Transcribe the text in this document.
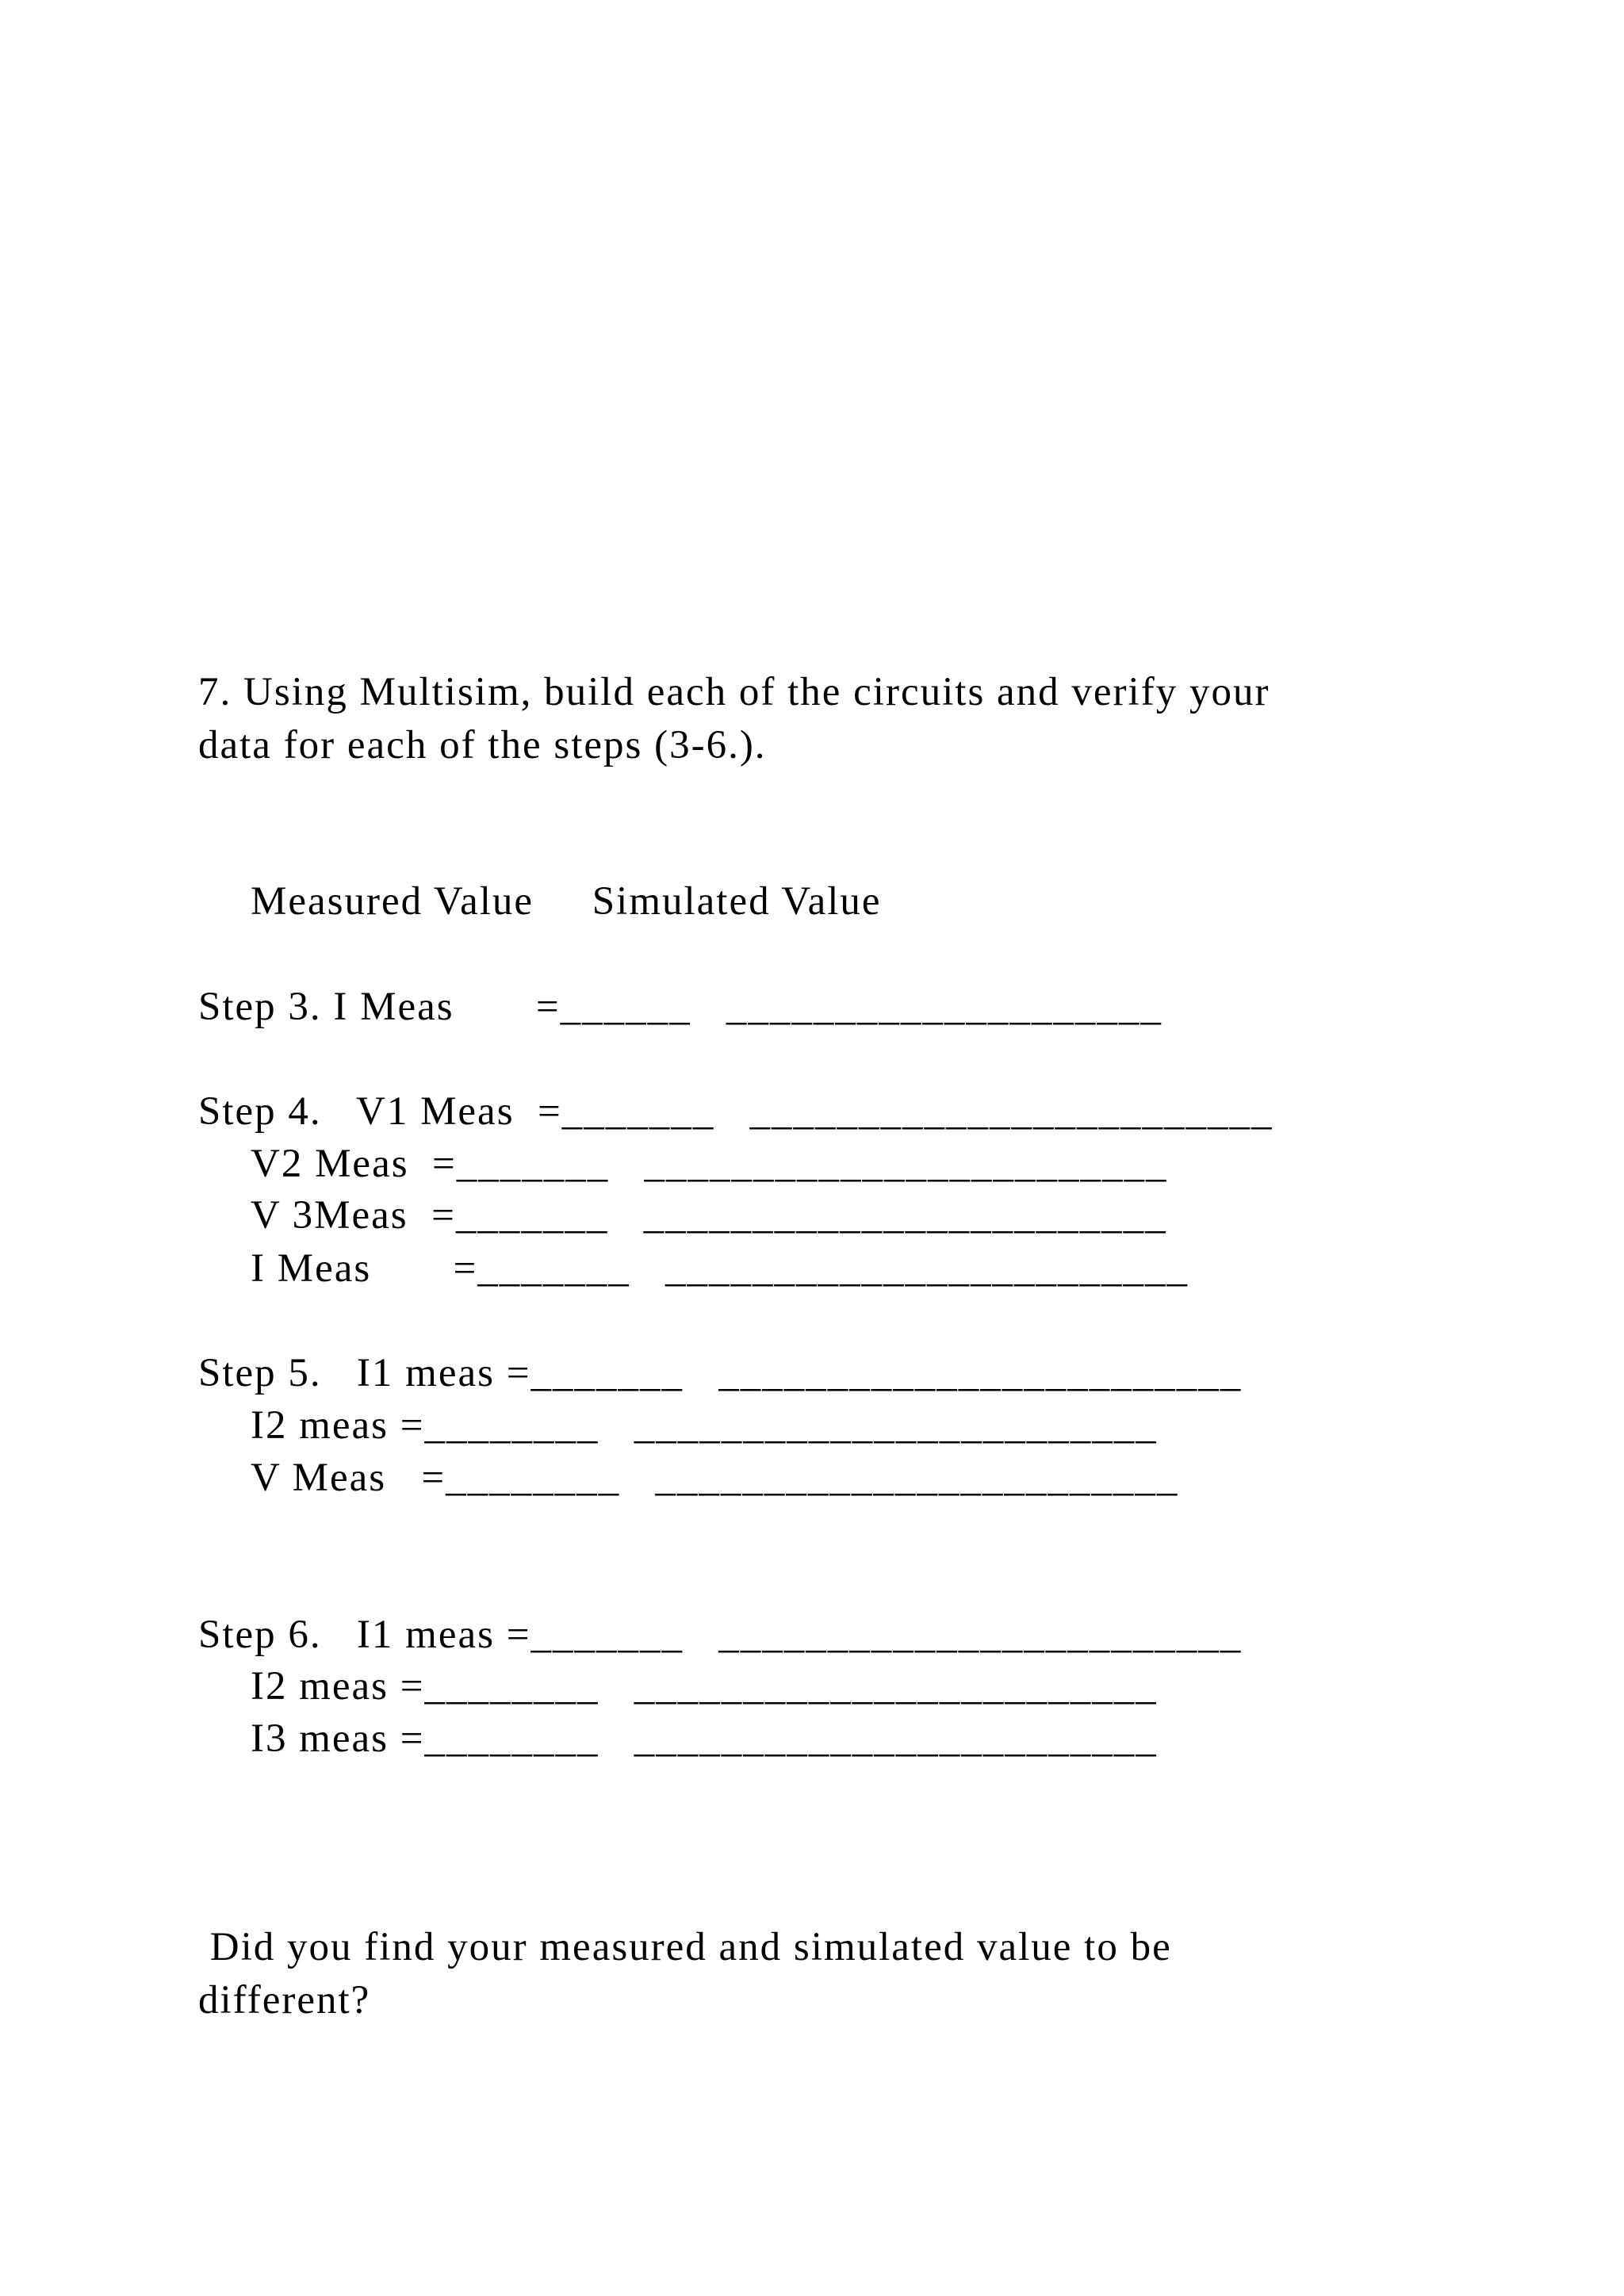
7. Using Multisim, build each of the circuits and verify your
data for each of the steps (3-6.).
Measured Value     Simulated Value
Step 3. I Meas       =______   ____________________
Step 4.   V1 Meas  =_______   ________________________
V2 Meas  =_______   ________________________
V 3Meas  =_______   ________________________
I Meas       =_______   ________________________
Step 5.   I1 meas =_______   ________________________
I2 meas =________   ________________________
V Meas   =________   ________________________
Step 6.   I1 meas =_______   ________________________
I2 meas =________   ________________________
I3 meas =________   ________________________
Did you find your measured and simulated value to be
different?
